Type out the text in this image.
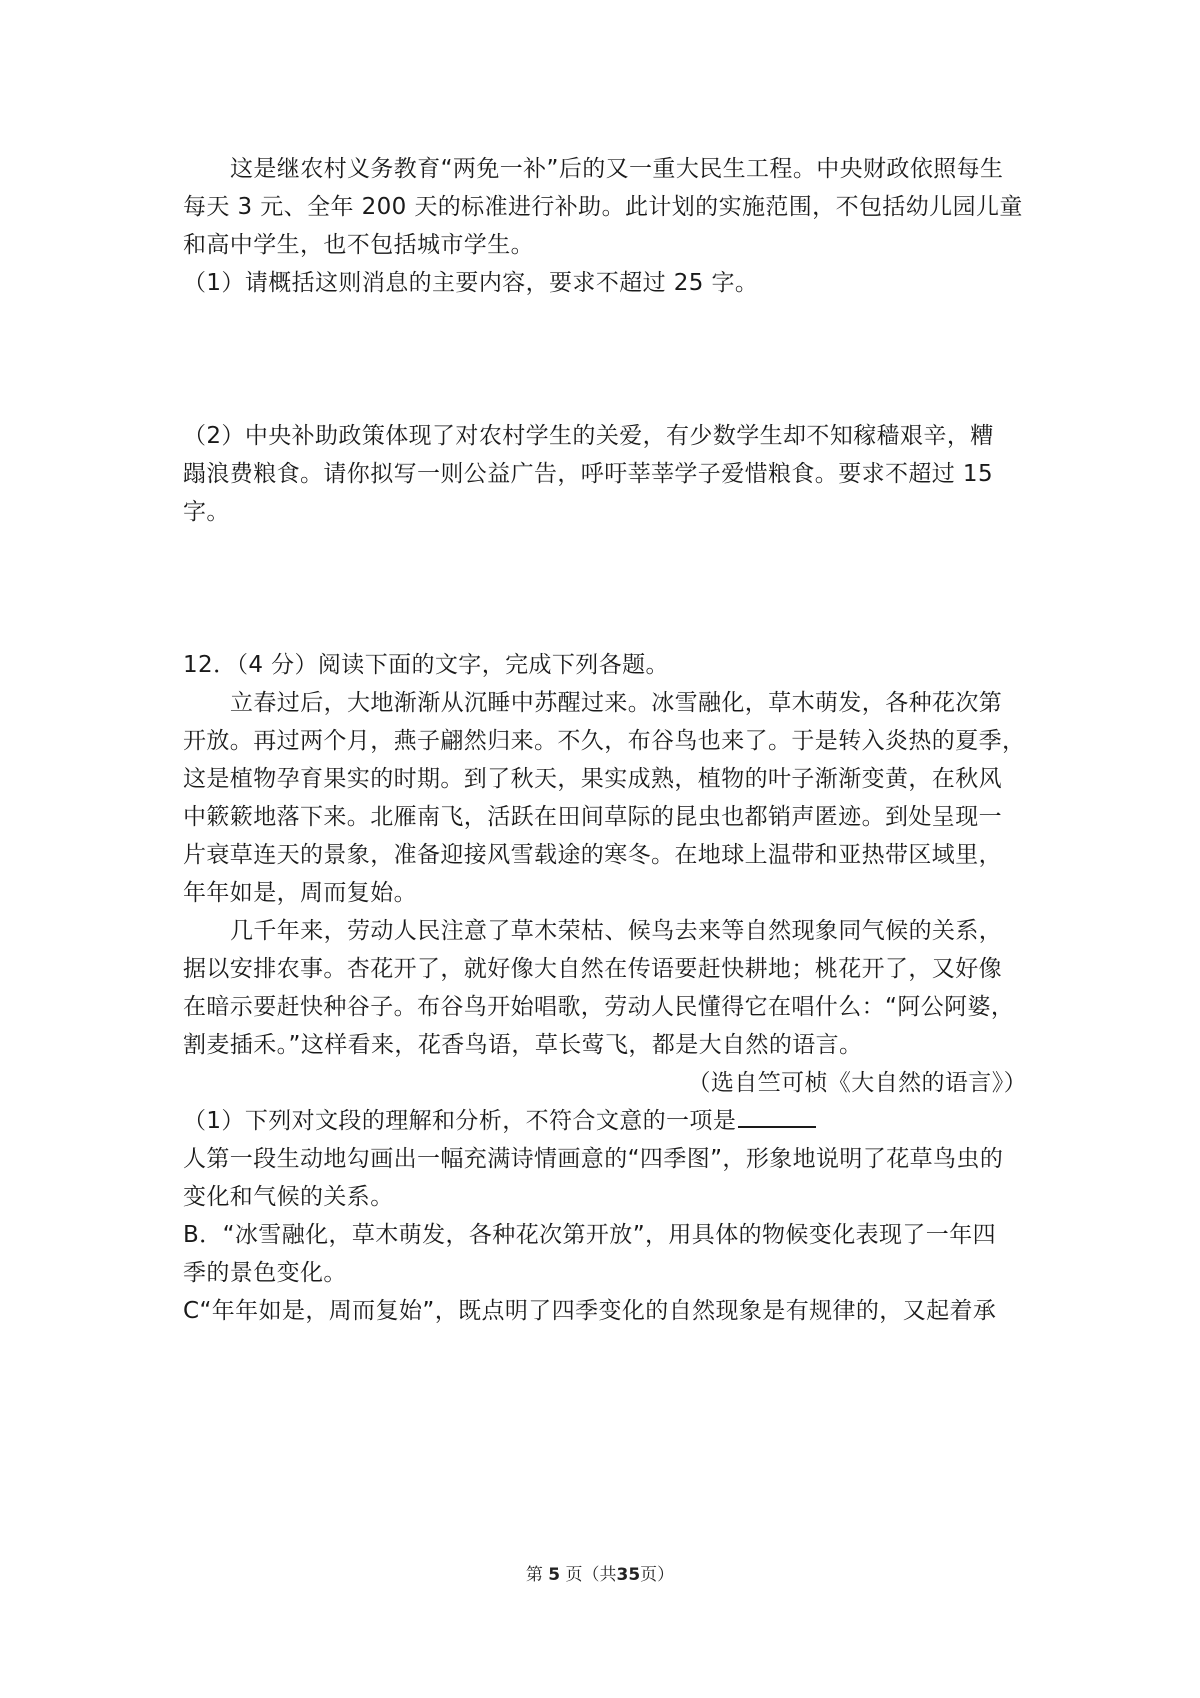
这是继农村义务教育“两免一补”后的又一重大民生工程。中央财政依照每生
每天 3 元、全年 200 天的标准进行补助。此计划的实施范围，不包括幼儿园儿童
和高中学生，也不包括城市学生。
（1）请概括这则消息的主要内容，要求不超过 25 字。
（2）中央补助政策体现了对农村学生的关爱，有少数学生却不知稼穑艰辛，糟
蹋浪费粮食。请你拟写一则公益广告，呼吁莘莘学子爱惜粮食。要求不超过 15
字。
12．（4 分）阅读下面的文字，完成下列各题。
立春过后，大地渐渐从沉睡中苏醒过来。冰雪融化，草木萌发，各种花次第
开放。再过两个月，燕子翩然归来。不久，布谷鸟也来了。于是转入炎热的夏季，
这是植物孕育果实的时期。到了秋天，果实成熟，植物的叶子渐渐变黄，在秋风
中簌簌地落下来。北雁南飞，活跃在田间草际的昆虫也都销声匿迹。到处呈现一
片衰草连天的景象，准备迎接风雪载途的寒冬。在地球上温带和亚热带区域里，
年年如是，周而复始。
几千年来，劳动人民注意了草木荣枯、候鸟去来等自然现象同气候的关系，
据以安排农事。杏花开了，就好像大自然在传语要赶快耕地；桃花开了，又好像
在暗示要赶快种谷子。布谷鸟开始唱歌，劳动人民懂得它在唱什么：“阿公阿婆，
割麦插禾。”这样看来，花香鸟语，草长莺飞，都是大自然的语言。
（选自竺可桢《大自然的语言》）
（1）下列对文段的理解和分析，不符合文意的一项是
人第一段生动地勾画出一幅充满诗情画意的“四季图”，形象地说明了花草鸟虫的
变化和气候的关系。
B．“冰雪融化，草木萌发，各种花次第开放”，用具体的物候变化表现了一年四
季的景色变化。
C“年年如是，周而复始”，既点明了四季变化的自然现象是有规律的，又起着承
第 5 页（共35页）
